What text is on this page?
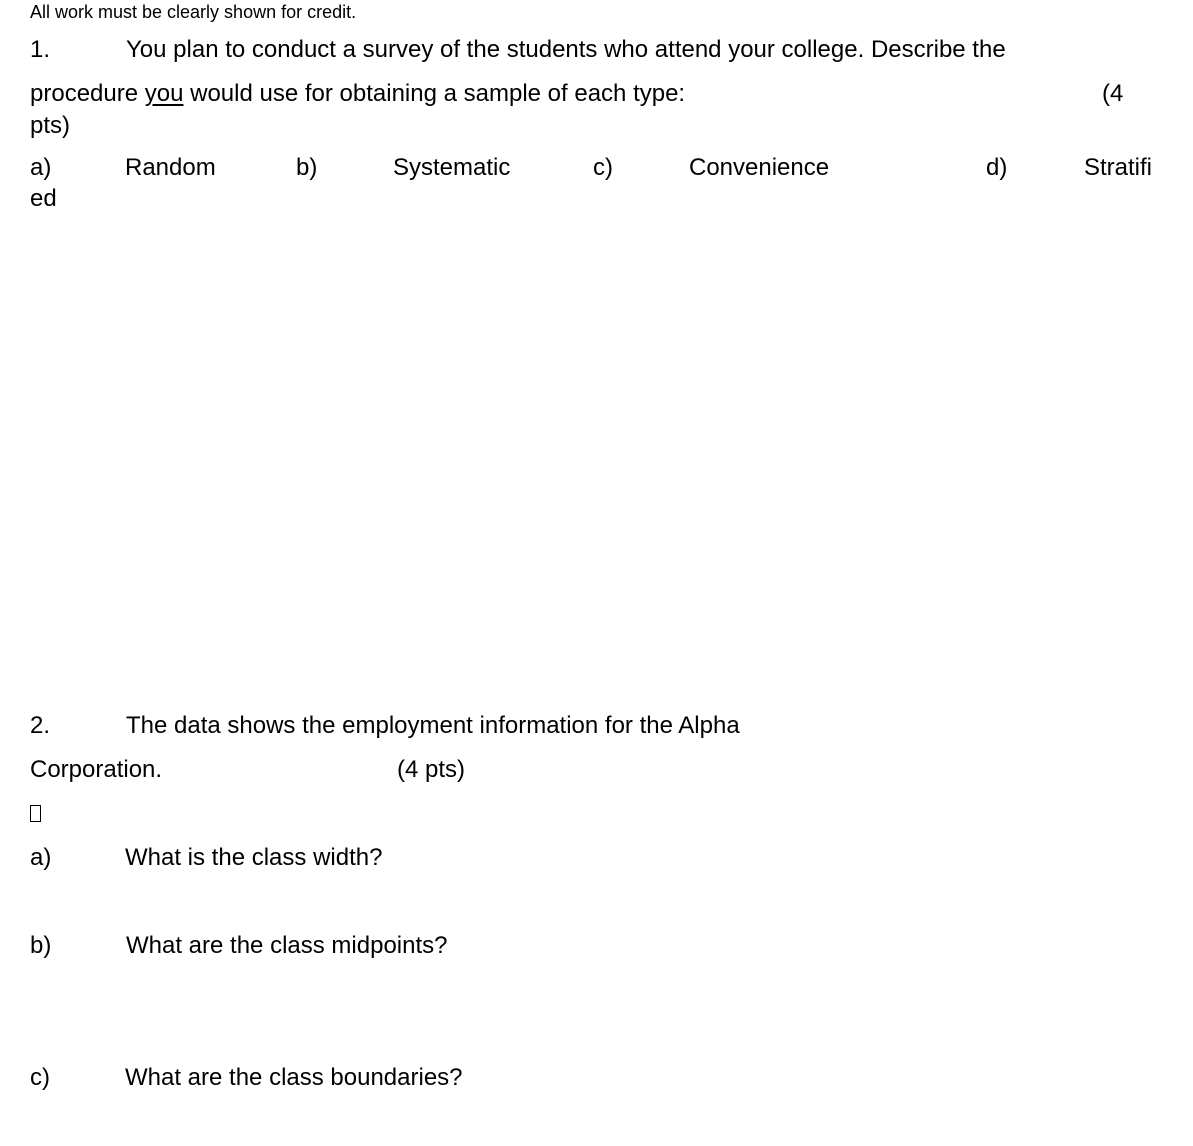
All work must be clearly shown for credit.
1.	You plan to conduct a survey of the students who attend your college. Describe the
procedure you would use for obtaining a sample of each type:	(4
pts)
a)	Random	b)	Systematic	c)	Convenience	d)	Stratifi
ed
2.	The data shows the employment information for the Alpha
Corporation.	(4 pts)
a)	What is the class width?
b)	What are the class midpoints?
c)	What are the class boundaries?
